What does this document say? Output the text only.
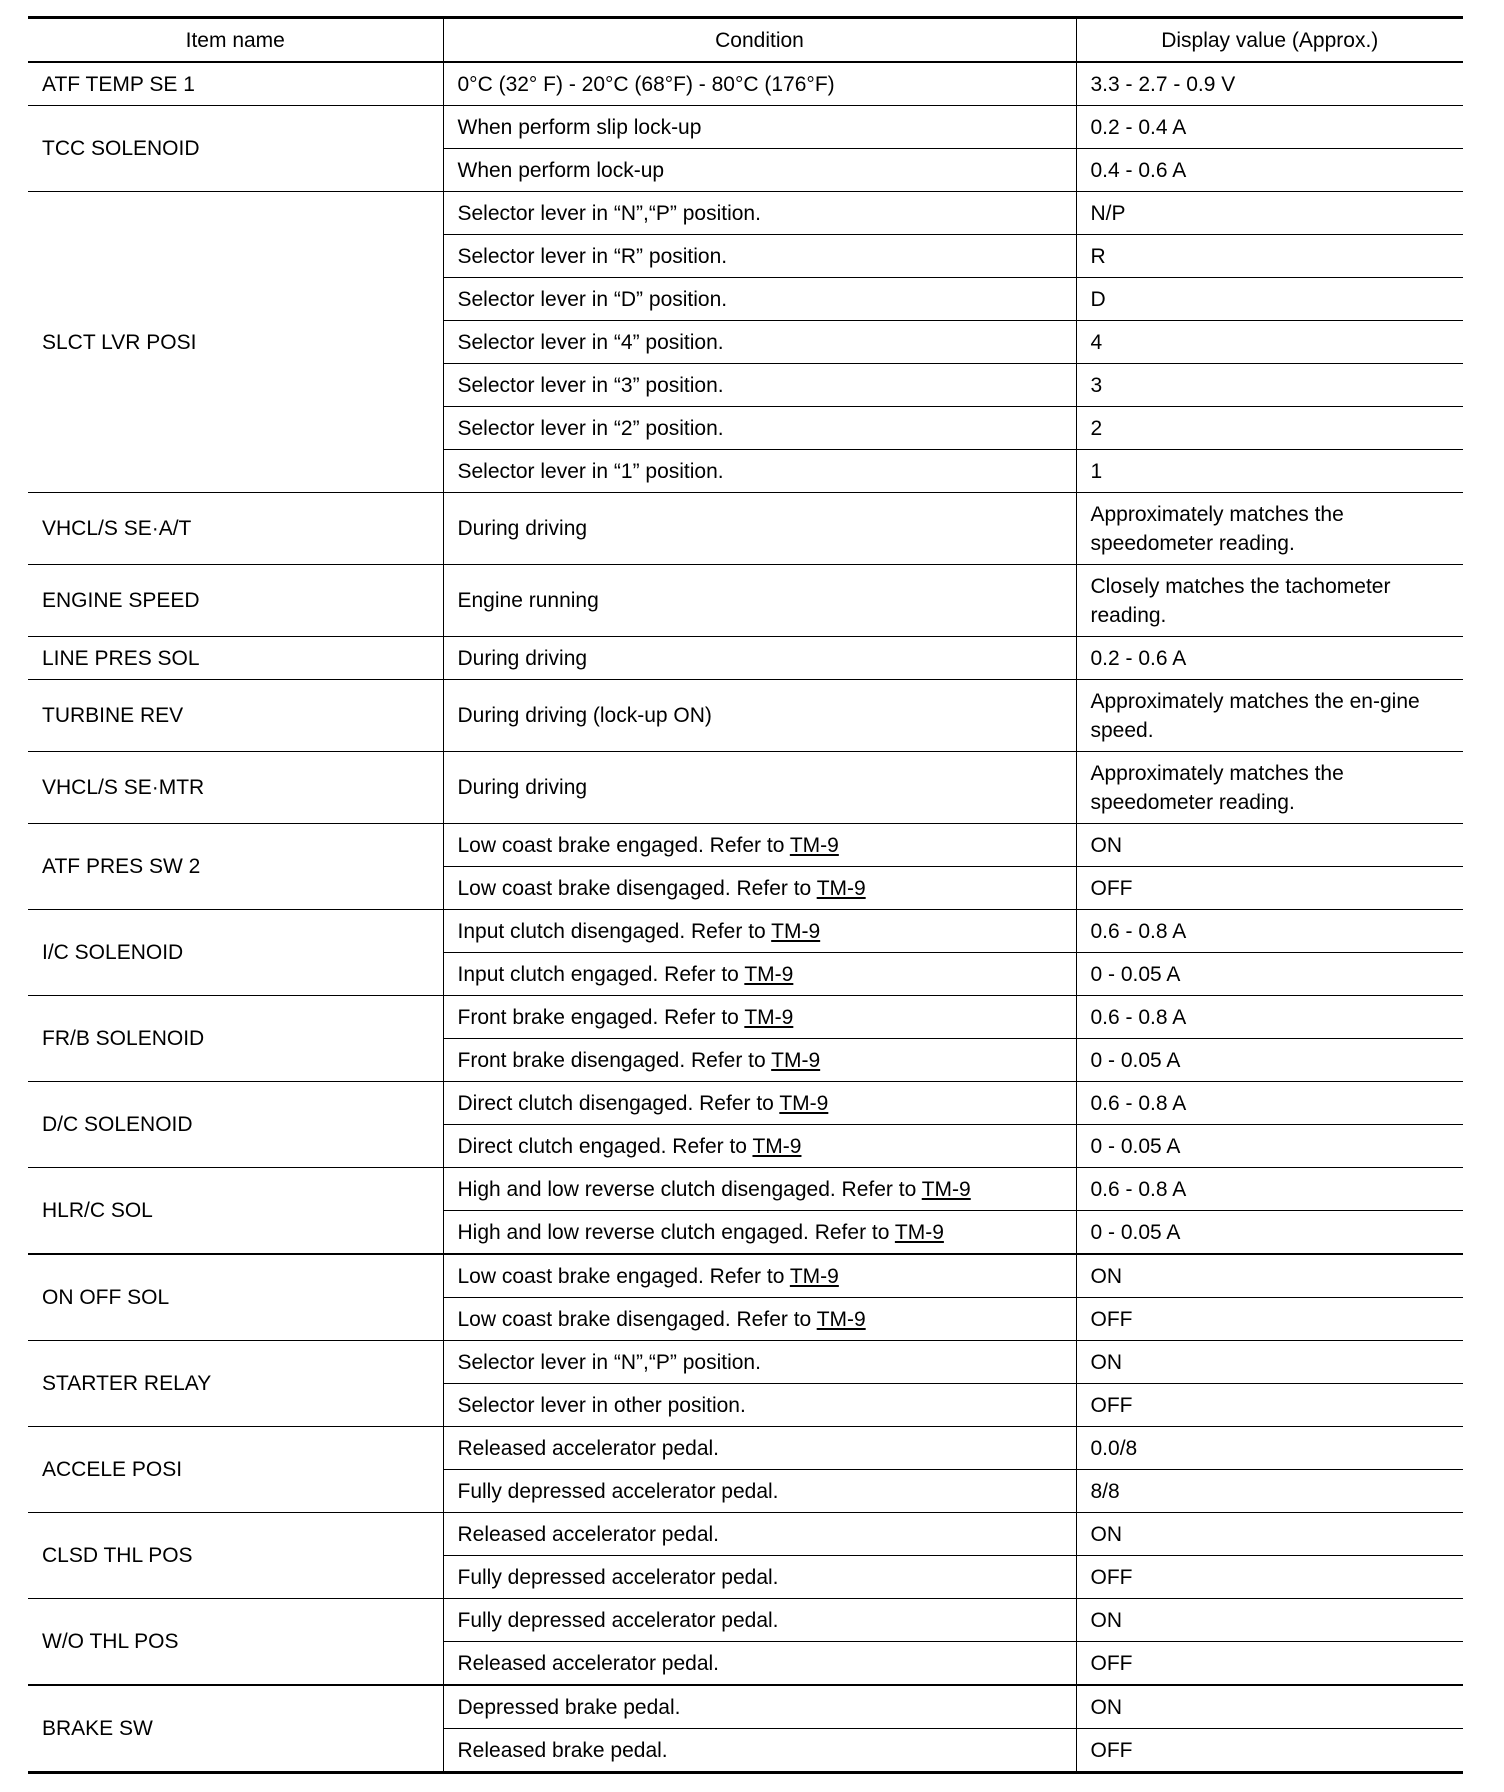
Item name	Condition	Display value (Approx.)
ATF TEMP SE 1	0°C (32° F) - 20°C (68°F) - 80°C (176°F)	3.3 - 2.7 - 0.9 V
TCC SOLENOID	When perform slip lock-up	0.2 - 0.4 A
	When perform lock-up	0.4 - 0.6 A
SLCT LVR POSI	Selector lever in “N”,“P” position.	N/P
	Selector lever in “R” position.	R
	Selector lever in “D” position.	D
	Selector lever in “4” position.	4
	Selector lever in “3” position.	3
	Selector lever in “2” position.	2
	Selector lever in “1” position.	1
VHCL/S SE·A/T	During driving	Approximately matches the speedometer reading.
ENGINE SPEED	Engine running	Closely matches the tachometer reading.
LINE PRES SOL	During driving	0.2 - 0.6 A
TURBINE REV	During driving (lock-up ON)	Approximately matches the en-gine speed.
VHCL/S SE·MTR	During driving	Approximately matches the speedometer reading.
ATF PRES SW 2	Low coast brake engaged. Refer to TM-9	ON
	Low coast brake disengaged. Refer to TM-9	OFF
I/C SOLENOID	Input clutch disengaged. Refer to TM-9	0.6 - 0.8 A
	Input clutch engaged. Refer to TM-9	0 - 0.05 A
FR/B SOLENOID	Front brake engaged. Refer to TM-9	0.6 - 0.8 A
	Front brake disengaged. Refer to TM-9	0 - 0.05 A
D/C SOLENOID	Direct clutch disengaged. Refer to TM-9	0.6 - 0.8 A
	Direct clutch engaged. Refer to TM-9	0 - 0.05 A
HLR/C SOL	High and low reverse clutch disengaged. Refer to TM-9	0.6 - 0.8 A
	High and low reverse clutch engaged. Refer to TM-9	0 - 0.05 A
ON OFF SOL	Low coast brake engaged. Refer to TM-9	ON
	Low coast brake disengaged. Refer to TM-9	OFF
STARTER RELAY	Selector lever in “N”,“P” position.	ON
	Selector lever in other position.	OFF
ACCELE POSI	Released accelerator pedal.	0.0/8
	Fully depressed accelerator pedal.	8/8
CLSD THL POS	Released accelerator pedal.	ON
	Fully depressed accelerator pedal.	OFF
W/O THL POS	Fully depressed accelerator pedal.	ON
	Released accelerator pedal.	OFF
BRAKE SW	Depressed brake pedal.	ON
	Released brake pedal.	OFF
